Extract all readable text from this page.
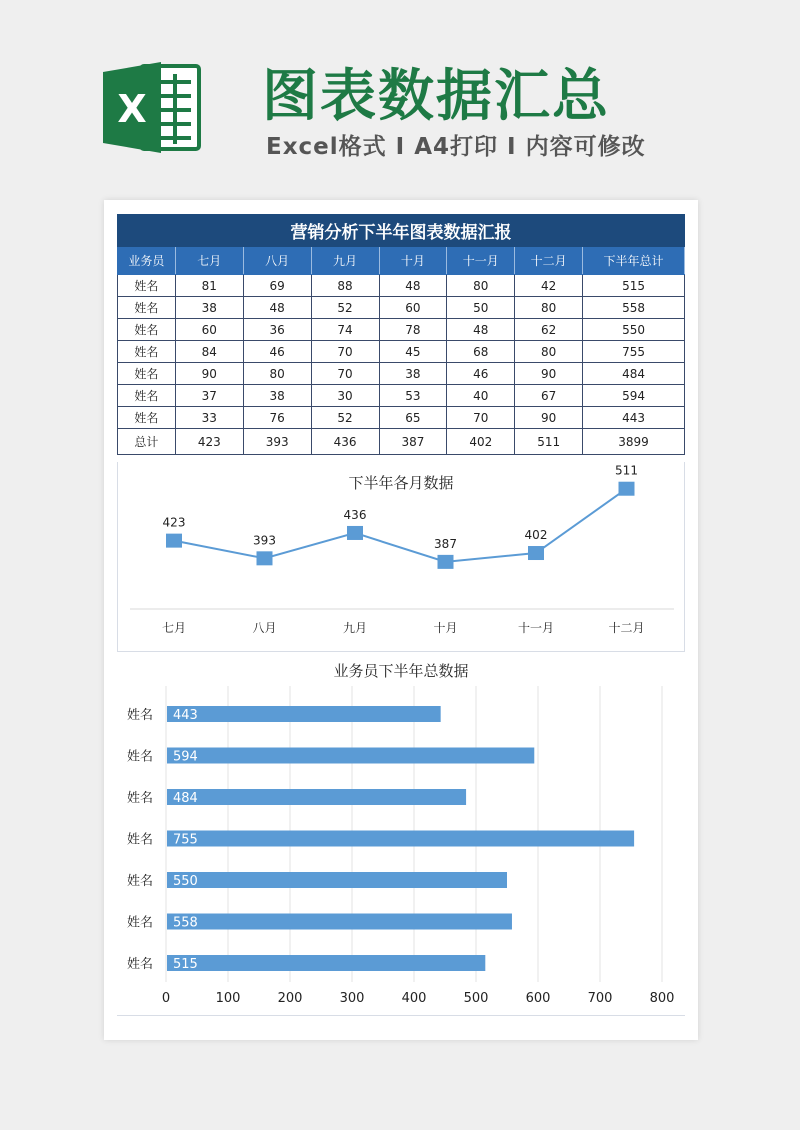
X 图表数据汇总
Excel格式 I A4打印 I 内容可修改
营销分析下半年图表数据汇报							
业务员	七月	八月	九月	十月	十一月	十二月	下半年总计
姓名	81	69	88	48	80	42	515
姓名	38	48	52	60	50	80	558
姓名	60	36	74	78	48	62	550
姓名	84	46	70	45	68	80	755
姓名	90	80	70	38	46	90	484
姓名	37	38	30	53	40	67	594
姓名	33	76	52	65	70	90	443
总计	423	393	436	387	402	511	3899
下半年各月数据
423
393
436
387
402
511
七月	八月	九月	十月	十一月	十二月
业务员下半年总数据
0	100	200	300	400	500	600	700	800
443
姓名
594
姓名
484
姓名
755
姓名
550
姓名
558
姓名
515
姓名
